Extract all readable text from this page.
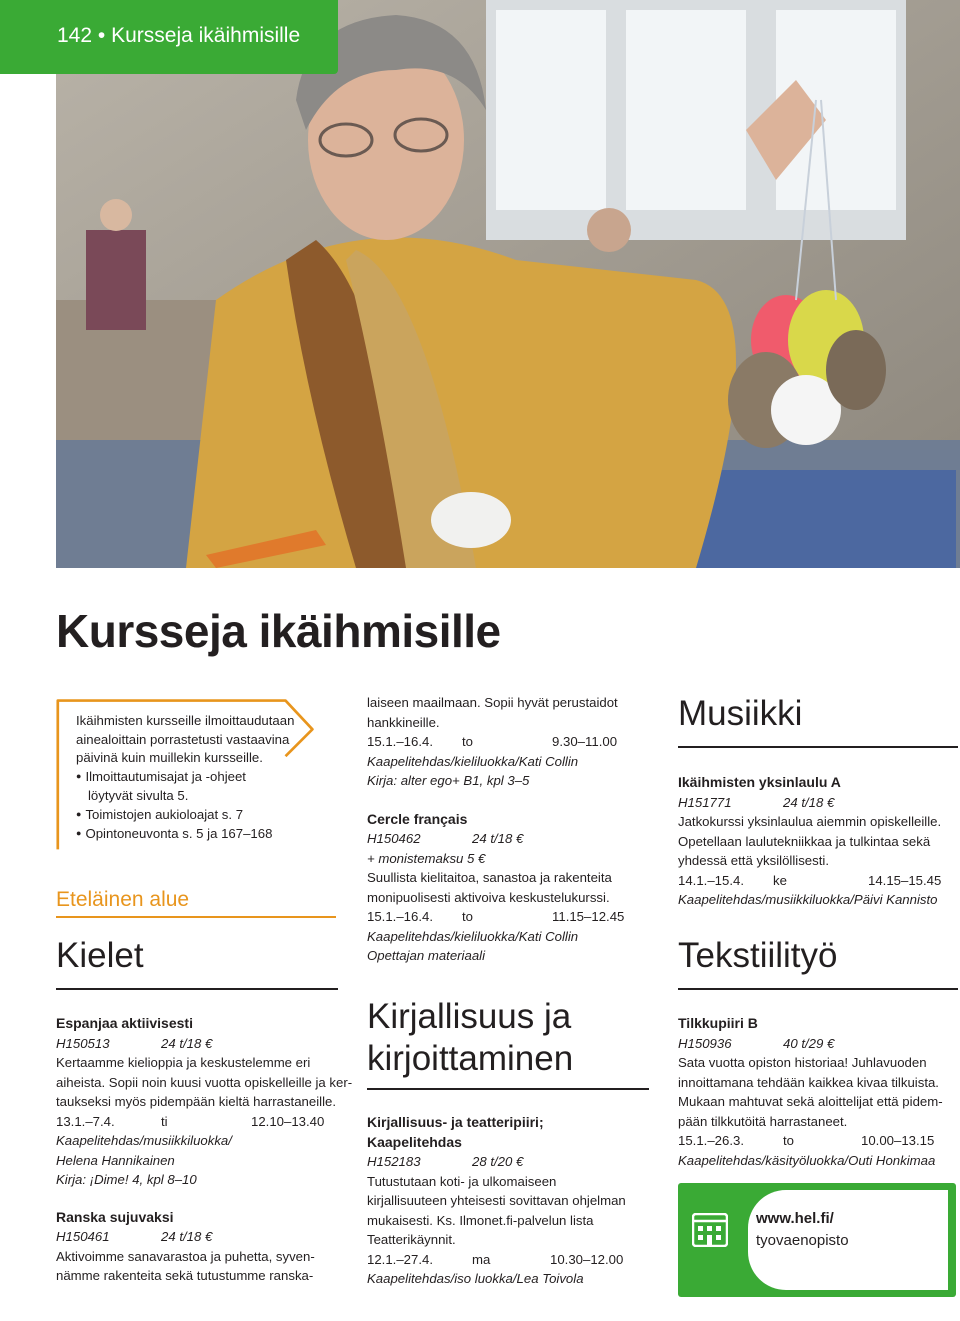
142 • Kursseja ikäihmisille
Kursseja ikäihmisille
Ikäihmisten kursseille ilmoittaudutaan
ainealoittain porrastetusti vastaavina
päivinä kuin muillekin kursseille.
● Ilmoittautumisajat ja -ohjeet
löytyvät sivulta 5.
● Toimistojen aukioloajat s. 7
● Opintoneuvonta s. 5 ja 167–168
Eteläinen alue
Kielet
Espanjaa aktiivisesti
H150513	24 t/18 €
Kertaamme kielioppia ja keskustelemme eri
aiheista. Sopii noin kuusi vuotta opiskelleille ja ker-
taukseksi myös pidempään kieltä harrastaneille.
13.1.–7.4.	ti	12.10–13.40
Kaapelitehdas/musiikkiluokka/
Helena Hannikainen
Kirja: ¡Dime! 4, kpl 8–10
Ranska sujuvaksi
H150461	24 t/18 €
Aktivoimme sanavarastoa ja puhetta, syven-
nämme rakenteita sekä tutustumme ranska-
laiseen maailmaan. Sopii hyvät perustaidot
hankkineille.
15.1.–16.4. to	9.30–11.00
Kaapelitehdas/kieliluokka/Kati Collin
Kirja: alter ego+ B1, kpl 3–5
Cercle français
H150462	24 t/18 €
+ monistemaksu 5 €
Suullista kielitaitoa, sanastoa ja rakenteita
monipuolisesti aktivoiva keskustelukurssi.
15.1.–16.4. to	11.15–12.45
Kaapelitehdas/kieliluokka/Kati Collin
Opettajan materiaali
Kirjallisuus ja
kirjoittaminen
Kirjallisuus- ja teatteripiiri;
Kaapelitehdas
H152183	28 t/20 €
Tutustutaan koti- ja ulkomaiseen
kirjallisuuteen yhteisesti sovittavan ohjelman
mukaisesti. Ks. Ilmonet.fi-palvelun lista
Teatterikäynnit.
12.1.–27.4.	ma	10.30–12.00
Kaapelitehdas/iso luokka/Lea Toivola
Musiikki
Ikäihmisten yksinlaulu A
H151771	24 t/18 €
Jatkokurssi yksinlaulua aiemmin opiskelleille.
Opetellaan laulutekniikkaa ja tulkintaa sekä
yhdessä että yksilöllisesti.
14.1.–15.4. ke	14.15–15.45
Kaapelitehdas/musiikkiluokka/Päivi Kannisto
Tekstiilityö
Tilkkupiiri B
H150936	40 t/29 €
Sata vuotta opiston historiaa! Juhlavuoden
innoittamana tehdään kaikkea kivaa tilkuista.
Mukaan mahtuvat sekä aloittelijat että pidem-
pään tilkkutöitä harrastaneet.
15.1.–26.3.	to	10.00–13.15
Kaapelitehdas/käsityöluokka/Outi Honkimaa
www.hel.fi/
tyovaenopisto
